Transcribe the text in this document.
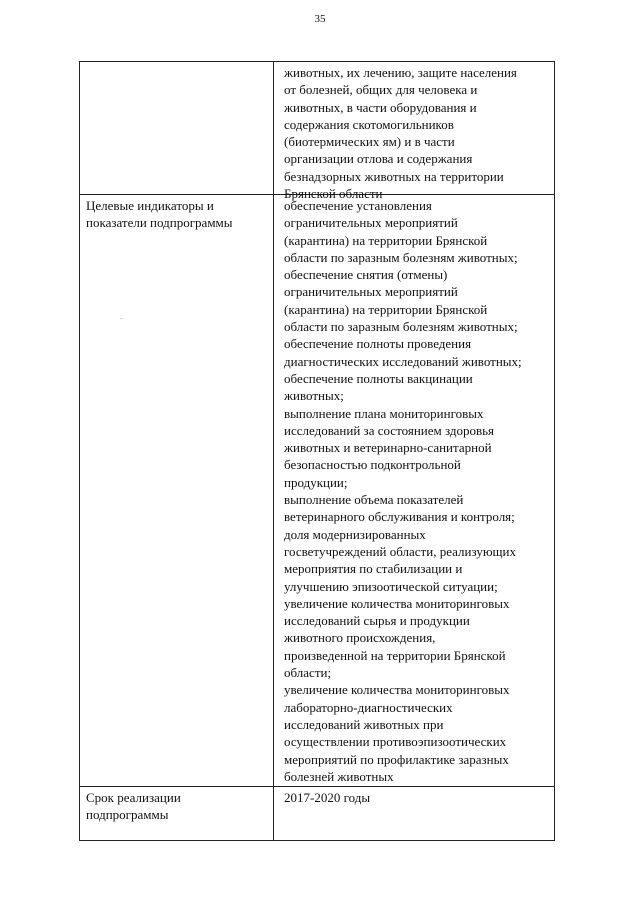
35
животных, их лечению, защите населения
от болезней, общих для человека и
животных, в части оборудования и
содержания скотомогильников
(биотермических ям) и в части
организации отлова и содержания
безнадзорных животных на территории
Брянской области
Целевые индикаторы и
показатели подпрограммы
обеспечение установления
ограничительных мероприятий
(карантина) на территории Брянской
области по заразным болезням животных;
обеспечение снятия (отмены)
ограничительных мероприятий
(карантина) на территории Брянской
области по заразным болезням животных;
обеспечение полноты проведения
диагностических исследований животных;
обеспечение полноты вакцинации
животных;
выполнение плана мониторинговых
исследований за состоянием здоровья
животных и ветеринарно-санитарной
безопасностью подконтрольной
продукции;
выполнение объема показателей
ветеринарного обслуживания и контроля;
доля модернизированных
госветучреждений области, реализующих
мероприятия по стабилизации и
улучшению эпизоотической ситуации;
увеличение количества мониторинговых
исследований сырья и продукции
животного происхождения,
произведенной на территории Брянской
области;
увеличение количества мониторинговых
лабораторно-диагностических
исследований животных при
осуществлении противоэпизоотических
мероприятий по профилактике заразных
болезней животных
Срок реализации
подпрограммы
2017-2020 годы
